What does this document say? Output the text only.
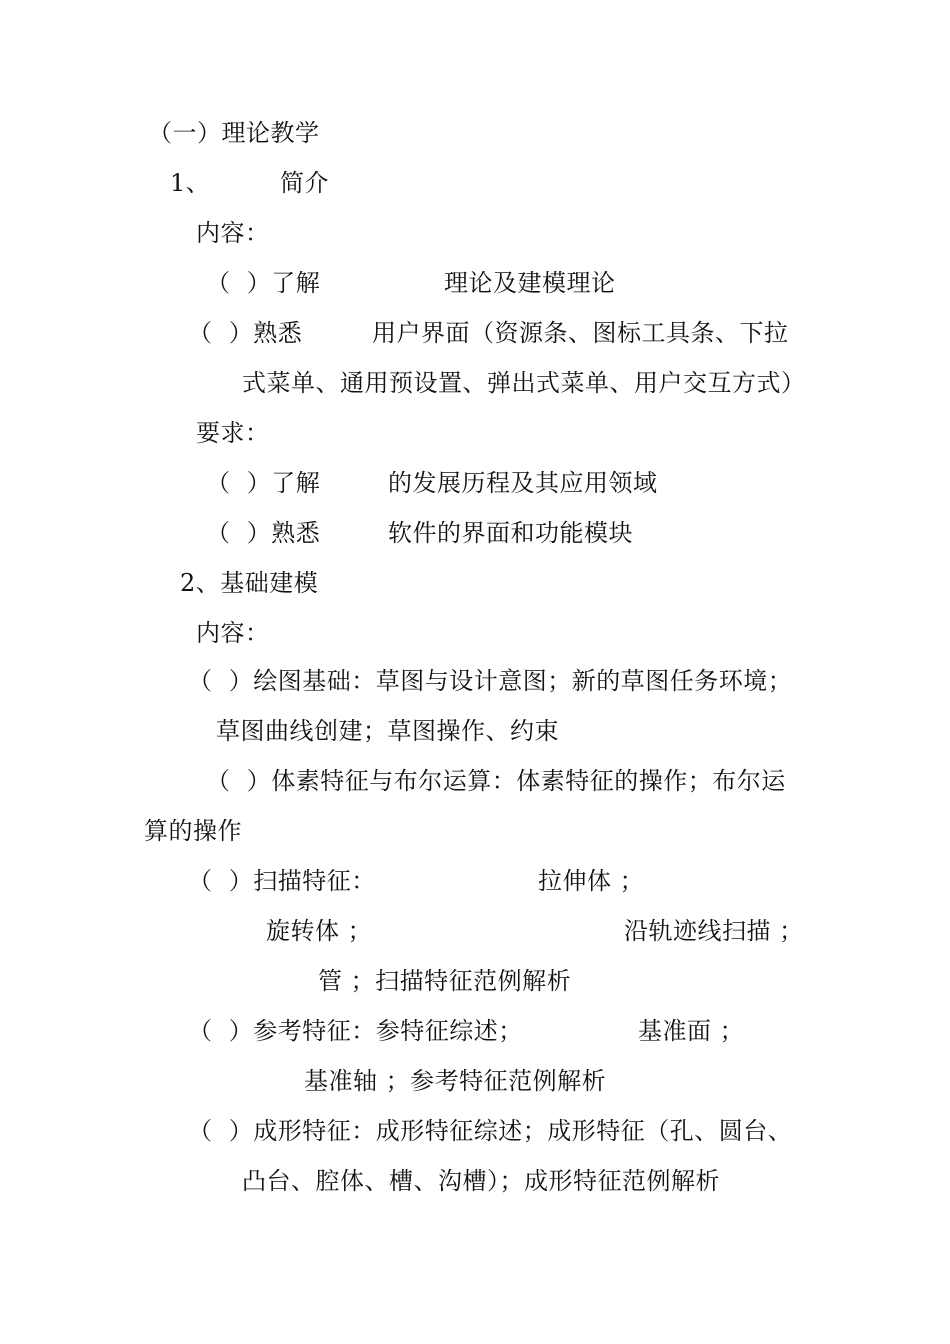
（一）理论教学
1、	简介
内容：
（  ）了解	理论及建模理论
（  ）熟悉	用户界面（资源条、图标工具条、下拉
式菜单、通用预设置、弹出式菜单、用户交互方式）
要求：
（  ）了解	的发展历程及其应用领域
（  ）熟悉	软件的界面和功能模块
2、基础建模
内容：
（  ）绘图基础：草图与设计意图；新的草图任务环境；
草图曲线创建；草图操作、约束
（  ）体素特征与布尔运算：体素特征的操作；布尔运
算的操作
（  ）扫描特征：	拉伸体 ；
旋转体 ；	沿轨迹线扫描 ；
管 ；扫描特征范例解析
（  ）参考特征：参特征综述；	基准面 ；
基准轴 ；参考特征范例解析
（  ）成形特征：成形特征综述；成形特征（孔、圆台、
凸台、腔体、槽、沟槽）；成形特征范例解析
